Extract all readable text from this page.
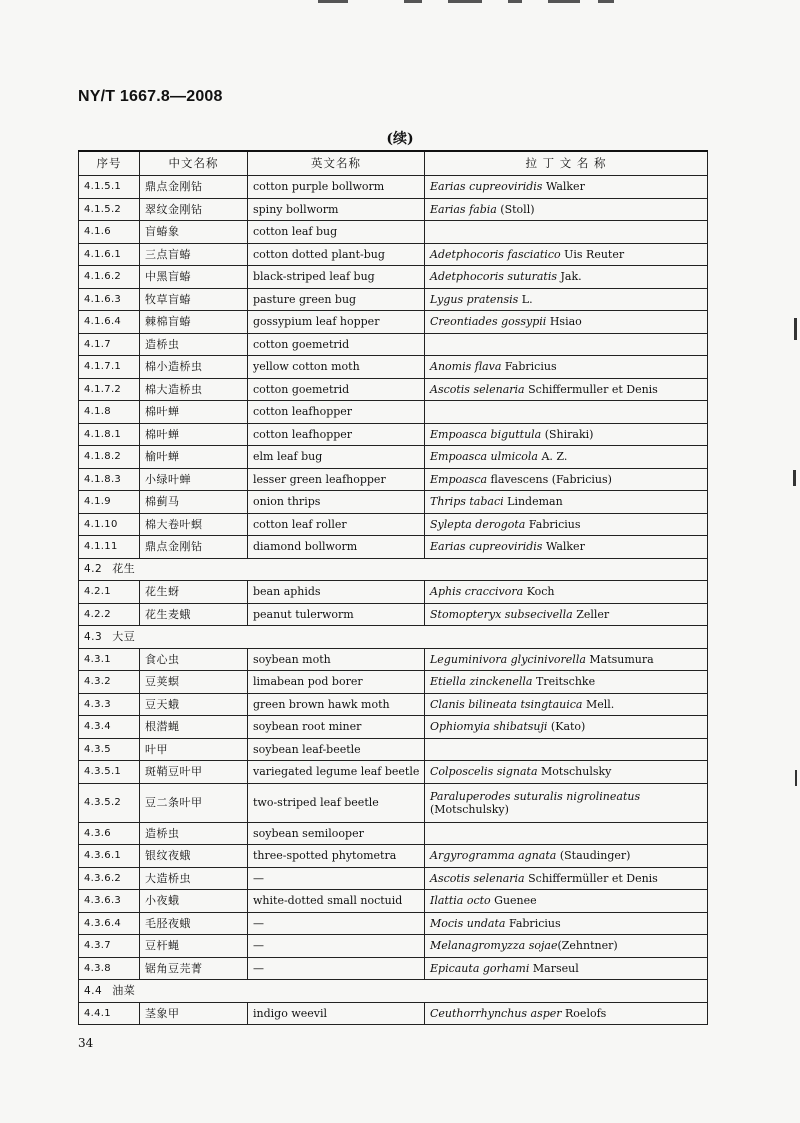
NY/T 1667.8—2008
(续)
序号	中文名称	英文名称	拉 丁 文 名 称
4.1.5.1	鼎点金刚钻	cotton purple bollworm	Earias cupreoviridis Walker
4.1.5.2	翠纹金刚钻	spiny bollworm	Earias fabia (Stoll)
4.1.6	盲蝽象	cotton leaf bug	
4.1.6.1	三点盲蝽	cotton dotted plant-bug	Adetphocoris fasciatico Uis Reuter
4.1.6.2	中黑盲蝽	black-striped leaf bug	Adetphocoris suturatis Jak.
4.1.6.3	牧草盲蝽	pasture green bug	Lygus pratensis L.
4.1.6.4	棘棉盲蝽	gossypium leaf hopper	Creontiades gossypii Hsiao
4.1.7	造桥虫	cotton goemetrid	
4.1.7.1	棉小造桥虫	yellow cotton moth	Anomis flava Fabricius
4.1.7.2	棉大造桥虫	cotton goemetrid	Ascotis selenaria Schiffermuller et Denis
4.1.8	棉叶蝉	cotton leafhopper	
4.1.8.1	棉叶蝉	cotton leafhopper	Empoasca biguttula (Shiraki)
4.1.8.2	榆叶蝉	elm leaf bug	Empoasca ulmicola A. Z.
4.1.8.3	小绿叶蝉	lesser green leafhopper	Empoasca flavescens (Fabricius)
4.1.9	棉蓟马	onion thrips	Thrips tabaci Lindeman
4.1.10	棉大卷叶螟	cotton leaf roller	Sylepta derogota Fabricius
4.1.11	鼎点金刚钻	diamond bollworm	Earias cupreoviridis Walker
4.2 花生			
4.2.1	花生蚜	bean aphids	Aphis craccivora Koch
4.2.2	花生麦蛾	peanut tulerworm	Stomopteryx subsecivella Zeller
4.3 大豆			
4.3.1	食心虫	soybean moth	Leguminivora glycinivorella Matsumura
4.3.2	豆荚螟	limabean pod borer	Etiella zinckenella Treitschke
4.3.3	豆天蛾	green brown hawk moth	Clanis bilineata tsingtauica Mell.
4.3.4	根潜蝇	soybean root miner	Ophiomyia shibatsuji (Kato)
4.3.5	叶甲	soybean leaf-beetle	
4.3.5.1	斑鞘豆叶甲	variegated legume leaf beetle	Colposcelis signata Motschulsky
4.3.5.2	豆二条叶甲	two-striped leaf beetle	Paraluperodes suturalis nigrolineatus
(Motschulsky)
4.3.6	造桥虫	soybean semilooper	
4.3.6.1	银纹夜蛾	three-spotted phytometra	Argyrogramma agnata (Staudinger)
4.3.6.2	大造桥虫	—	Ascotis selenaria Schiffermüller et Denis
4.3.6.3	小夜蛾	white-dotted small noctuid	Ilattia octo Guenee
4.3.6.4	毛胫夜蛾	—	Mocis undata Fabricius
4.3.7	豆杆蝇	—	Melanagromyzza sojae(Zehntner)
4.3.8	锯角豆芫菁	—	Epicauta gorhami Marseul
4.4 油菜			
4.4.1	茎象甲	indigo weevil	Ceuthorrhynchus asper Roelofs
34
